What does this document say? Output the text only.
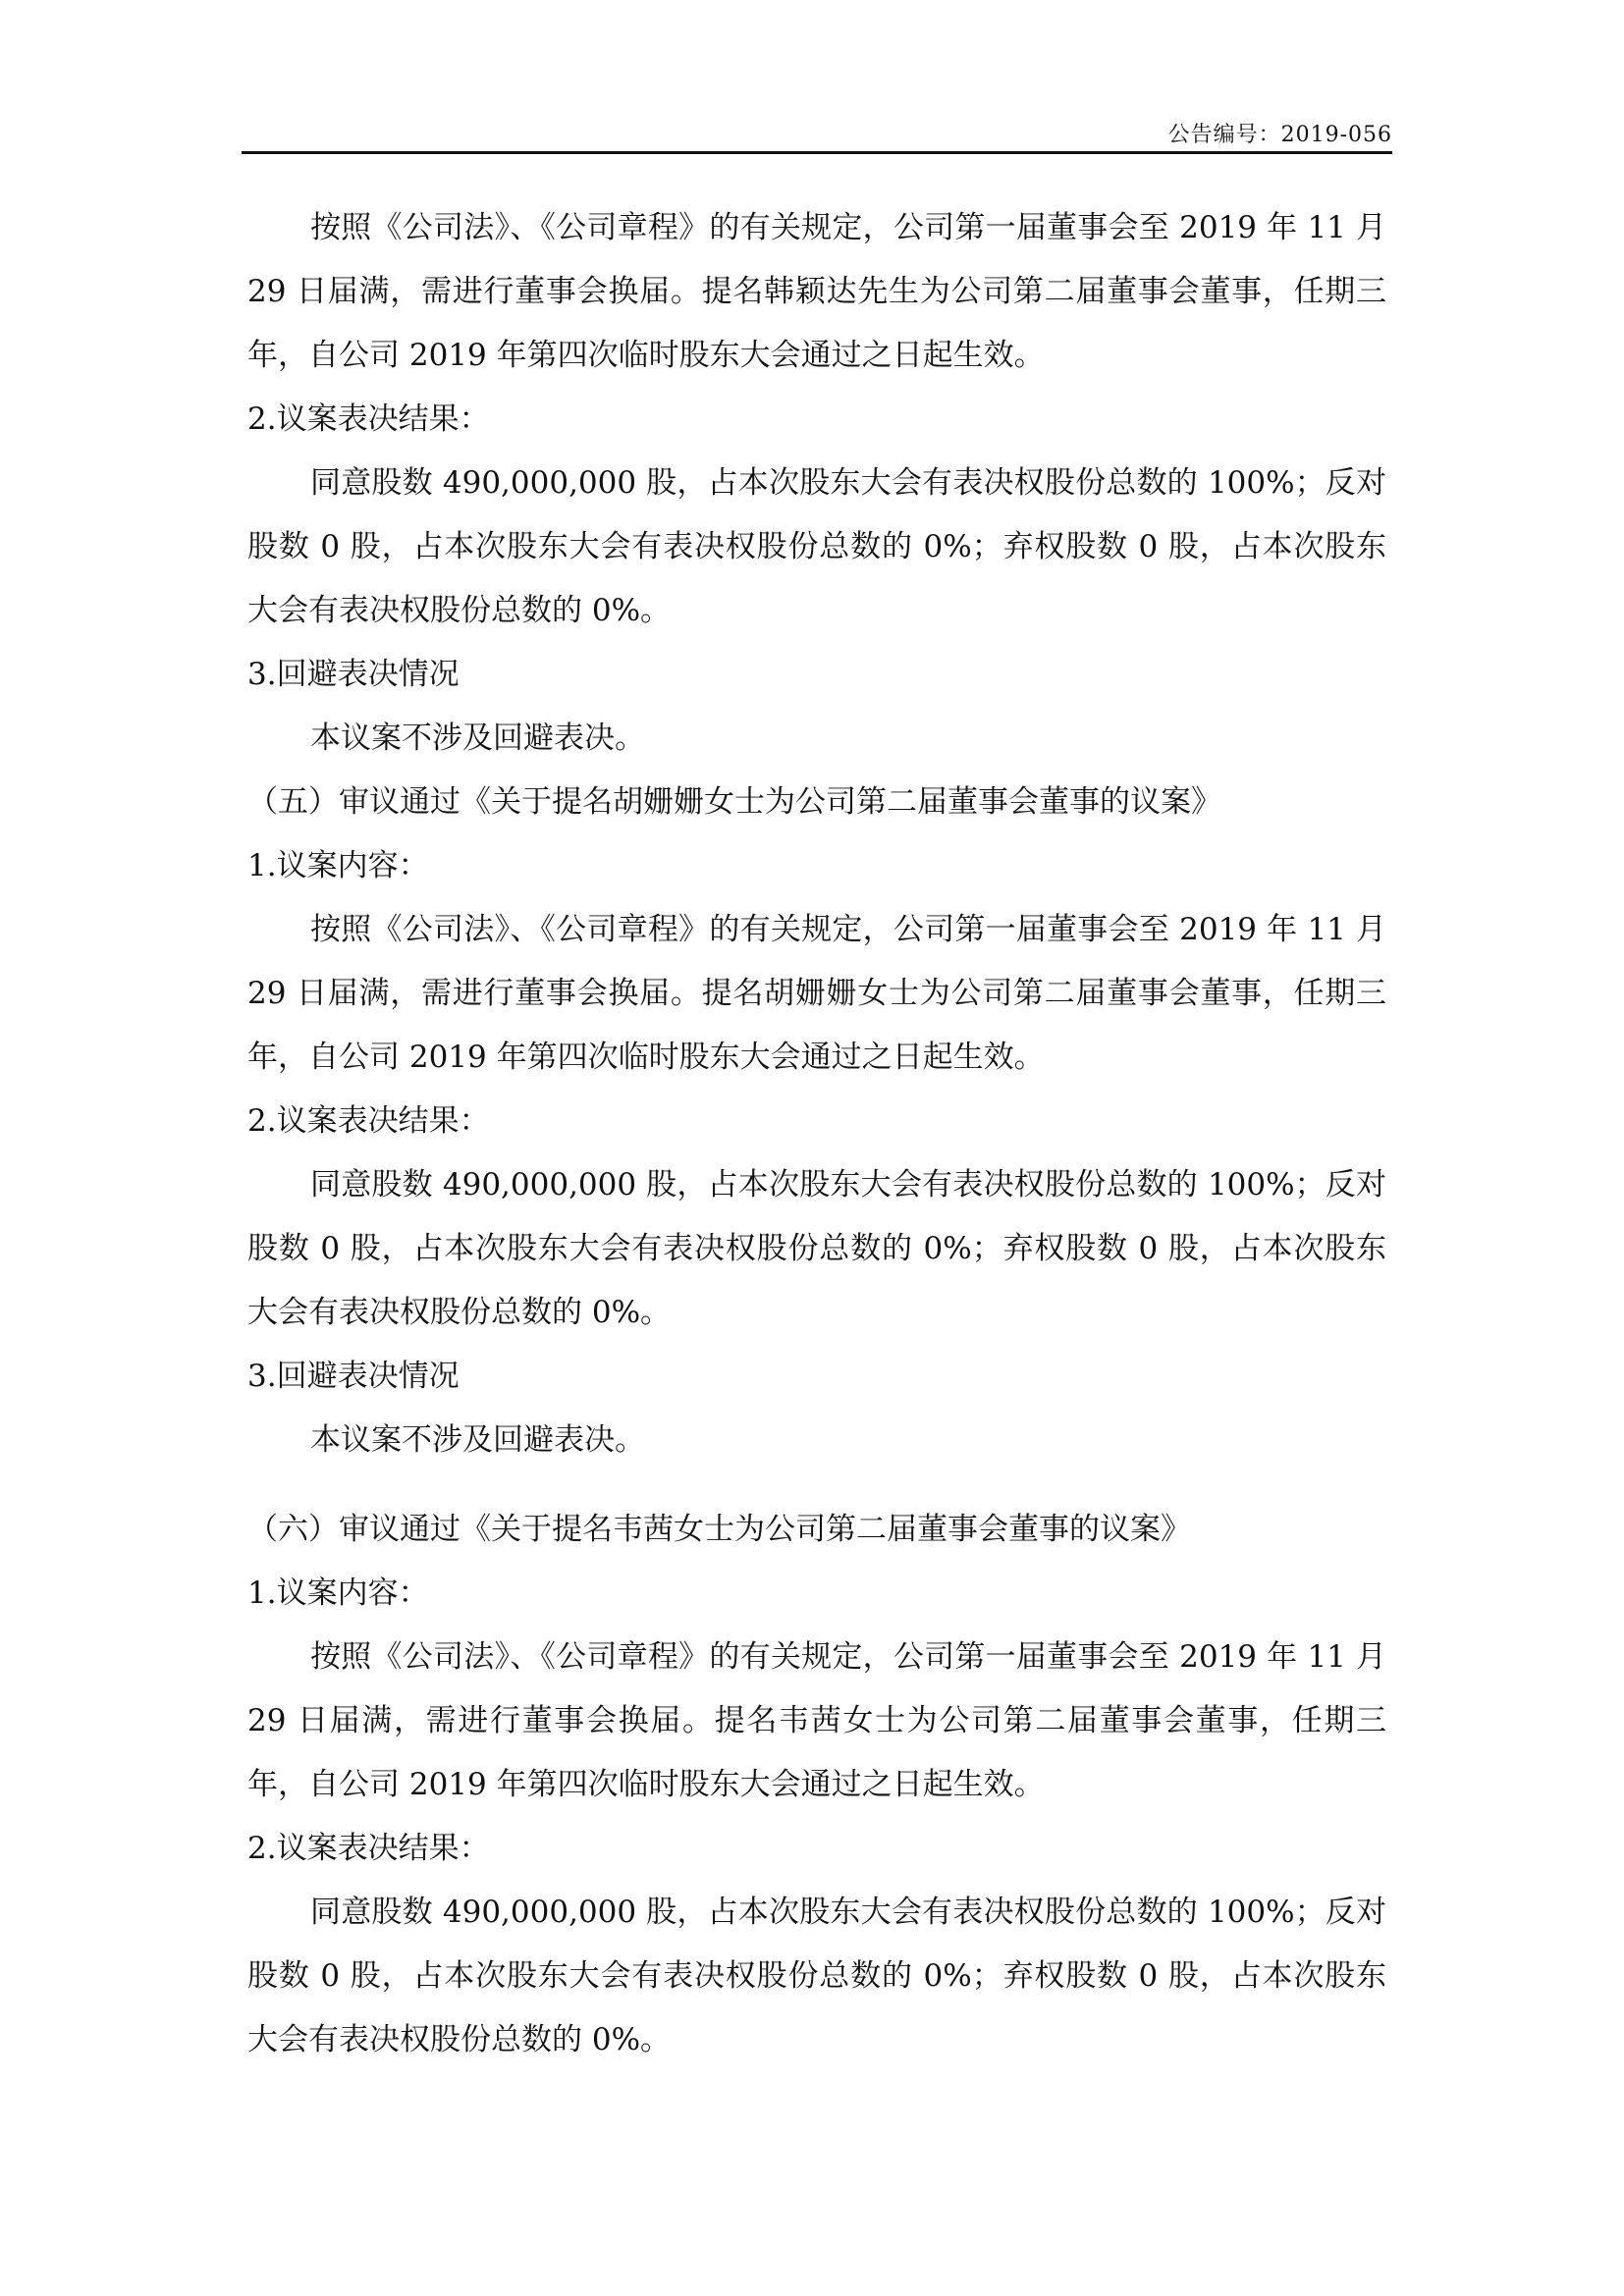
公告编号：2019-056

按照《公司法》、《公司章程》的有关规定，公司第一届董事会至 2019 年 11 月 29 日届满，需进行董事会换届。提名韩颖达先生为公司第二届董事会董事，任期三年，自公司 2019 年第四次临时股东大会通过之日起生效。

2.议案表决结果：

同意股数 490,000,000 股，占本次股东大会有表决权股份总数的 100%；反对股数 0 股，占本次股东大会有表决权股份总数的 0%；弃权股数 0 股，占本次股东大会有表决权股份总数的 0%。

3.回避表决情况

本议案不涉及回避表决。

（五）审议通过《关于提名胡姗姗女士为公司第二届董事会董事的议案》

1.议案内容：

按照《公司法》、《公司章程》的有关规定，公司第一届董事会至 2019 年 11 月 29 日届满，需进行董事会换届。提名胡姗姗女士为公司第二届董事会董事，任期三年，自公司 2019 年第四次临时股东大会通过之日起生效。

2.议案表决结果：

同意股数 490,000,000 股，占本次股东大会有表决权股份总数的 100%；反对股数 0 股，占本次股东大会有表决权股份总数的 0%；弃权股数 0 股，占本次股东大会有表决权股份总数的 0%。

3.回避表决情况

本议案不涉及回避表决。

（六）审议通过《关于提名韦茜女士为公司第二届董事会董事的议案》

1.议案内容：

按照《公司法》、《公司章程》的有关规定，公司第一届董事会至 2019 年 11 月 29 日届满，需进行董事会换届。提名韦茜女士为公司第二届董事会董事，任期三年，自公司 2019 年第四次临时股东大会通过之日起生效。

2.议案表决结果：

同意股数 490,000,000 股，占本次股东大会有表决权股份总数的 100%；反对股数 0 股，占本次股东大会有表决权股份总数的 0%；弃权股数 0 股，占本次股东大会有表决权股份总数的 0%。
